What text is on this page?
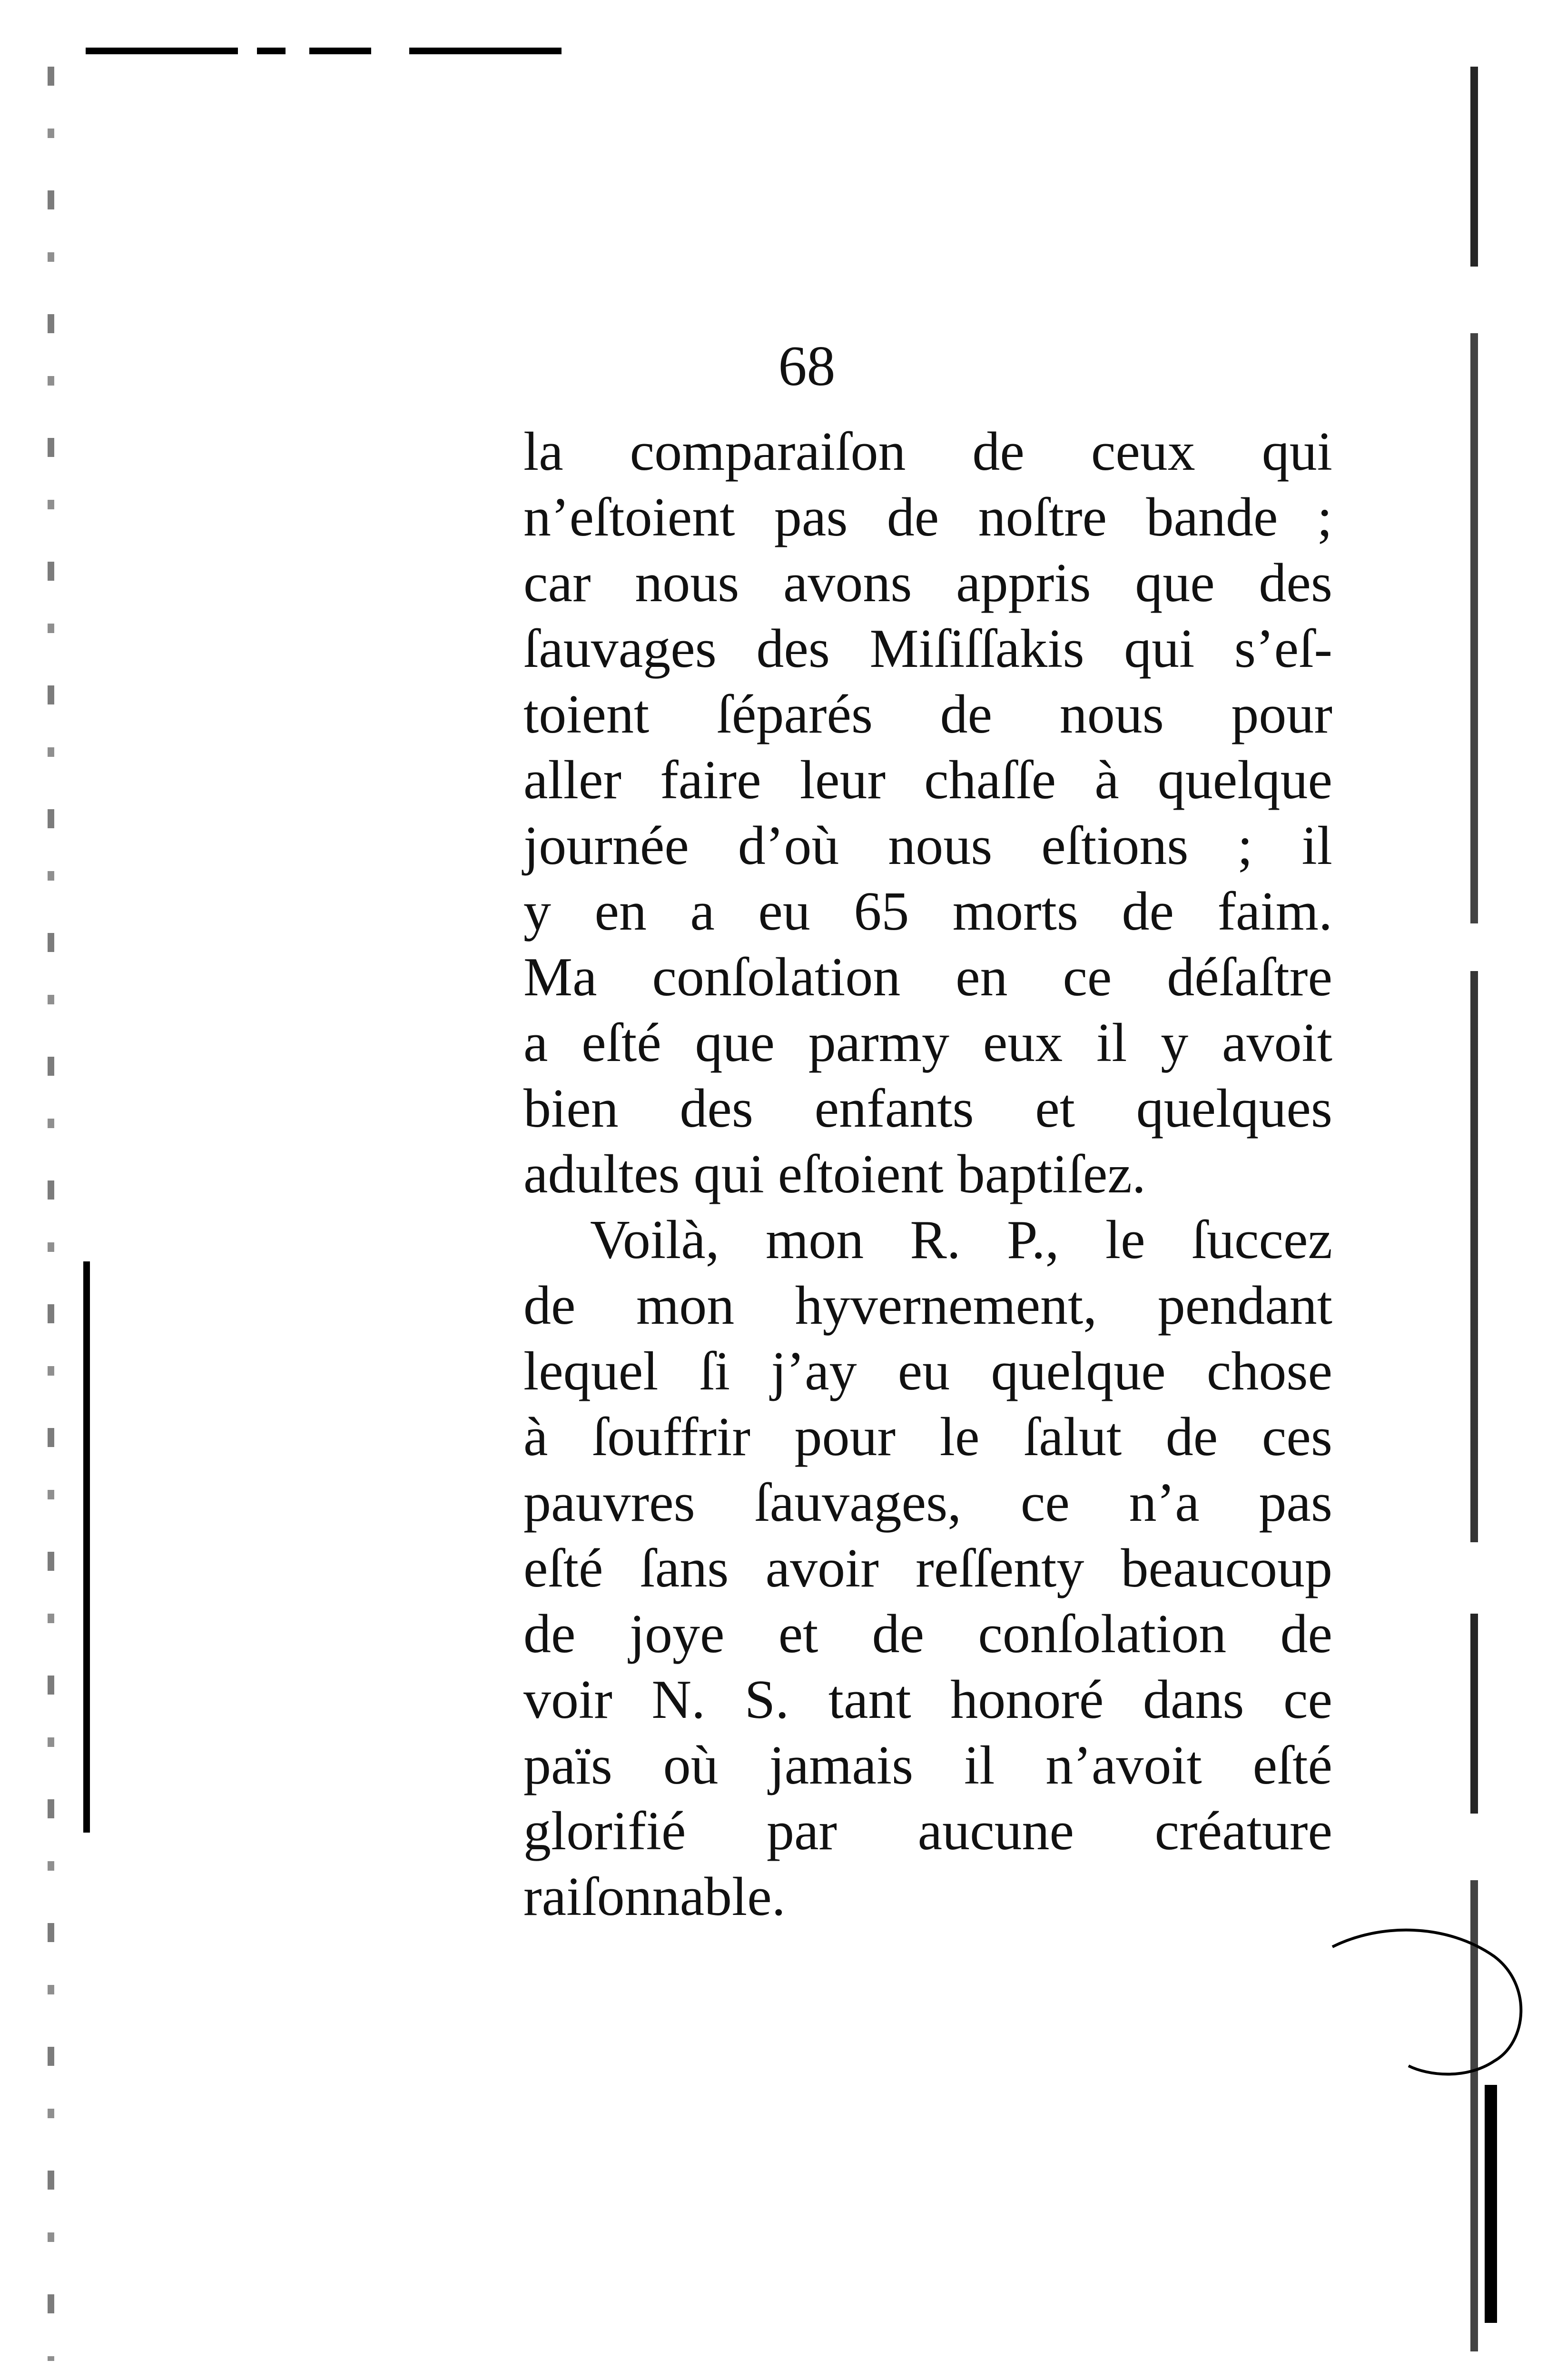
68
la comparaiſon de ceux qui
n’eſtoient pas de noſtre bande ;
car nous avons appris que des
ſauvages des Miſiſſakis qui s’eſ-
toient ſéparés de nous pour
aller faire leur chaſſe à quelque
journée d’où nous eſtions ; il
y en a eu 65 morts de faim.
Ma conſolation en ce déſaſtre
a eſté que parmy eux il y avoit
bien des enfants et quelques
adultes qui eſtoient baptiſez.
Voilà, mon R. P., le ſuccez
de mon hyvernement, pendant
lequel ſi j’ay eu quelque chose
à ſouffrir pour le ſalut de ces
pauvres ſauvages, ce n’a pas
eſté ſans avoir reſſenty beaucoup
de joye et de conſolation de
voir N. S. tant honoré dans ce
païs où jamais il n’avoit eſté
glorifié par aucune créature
raiſonnable.
